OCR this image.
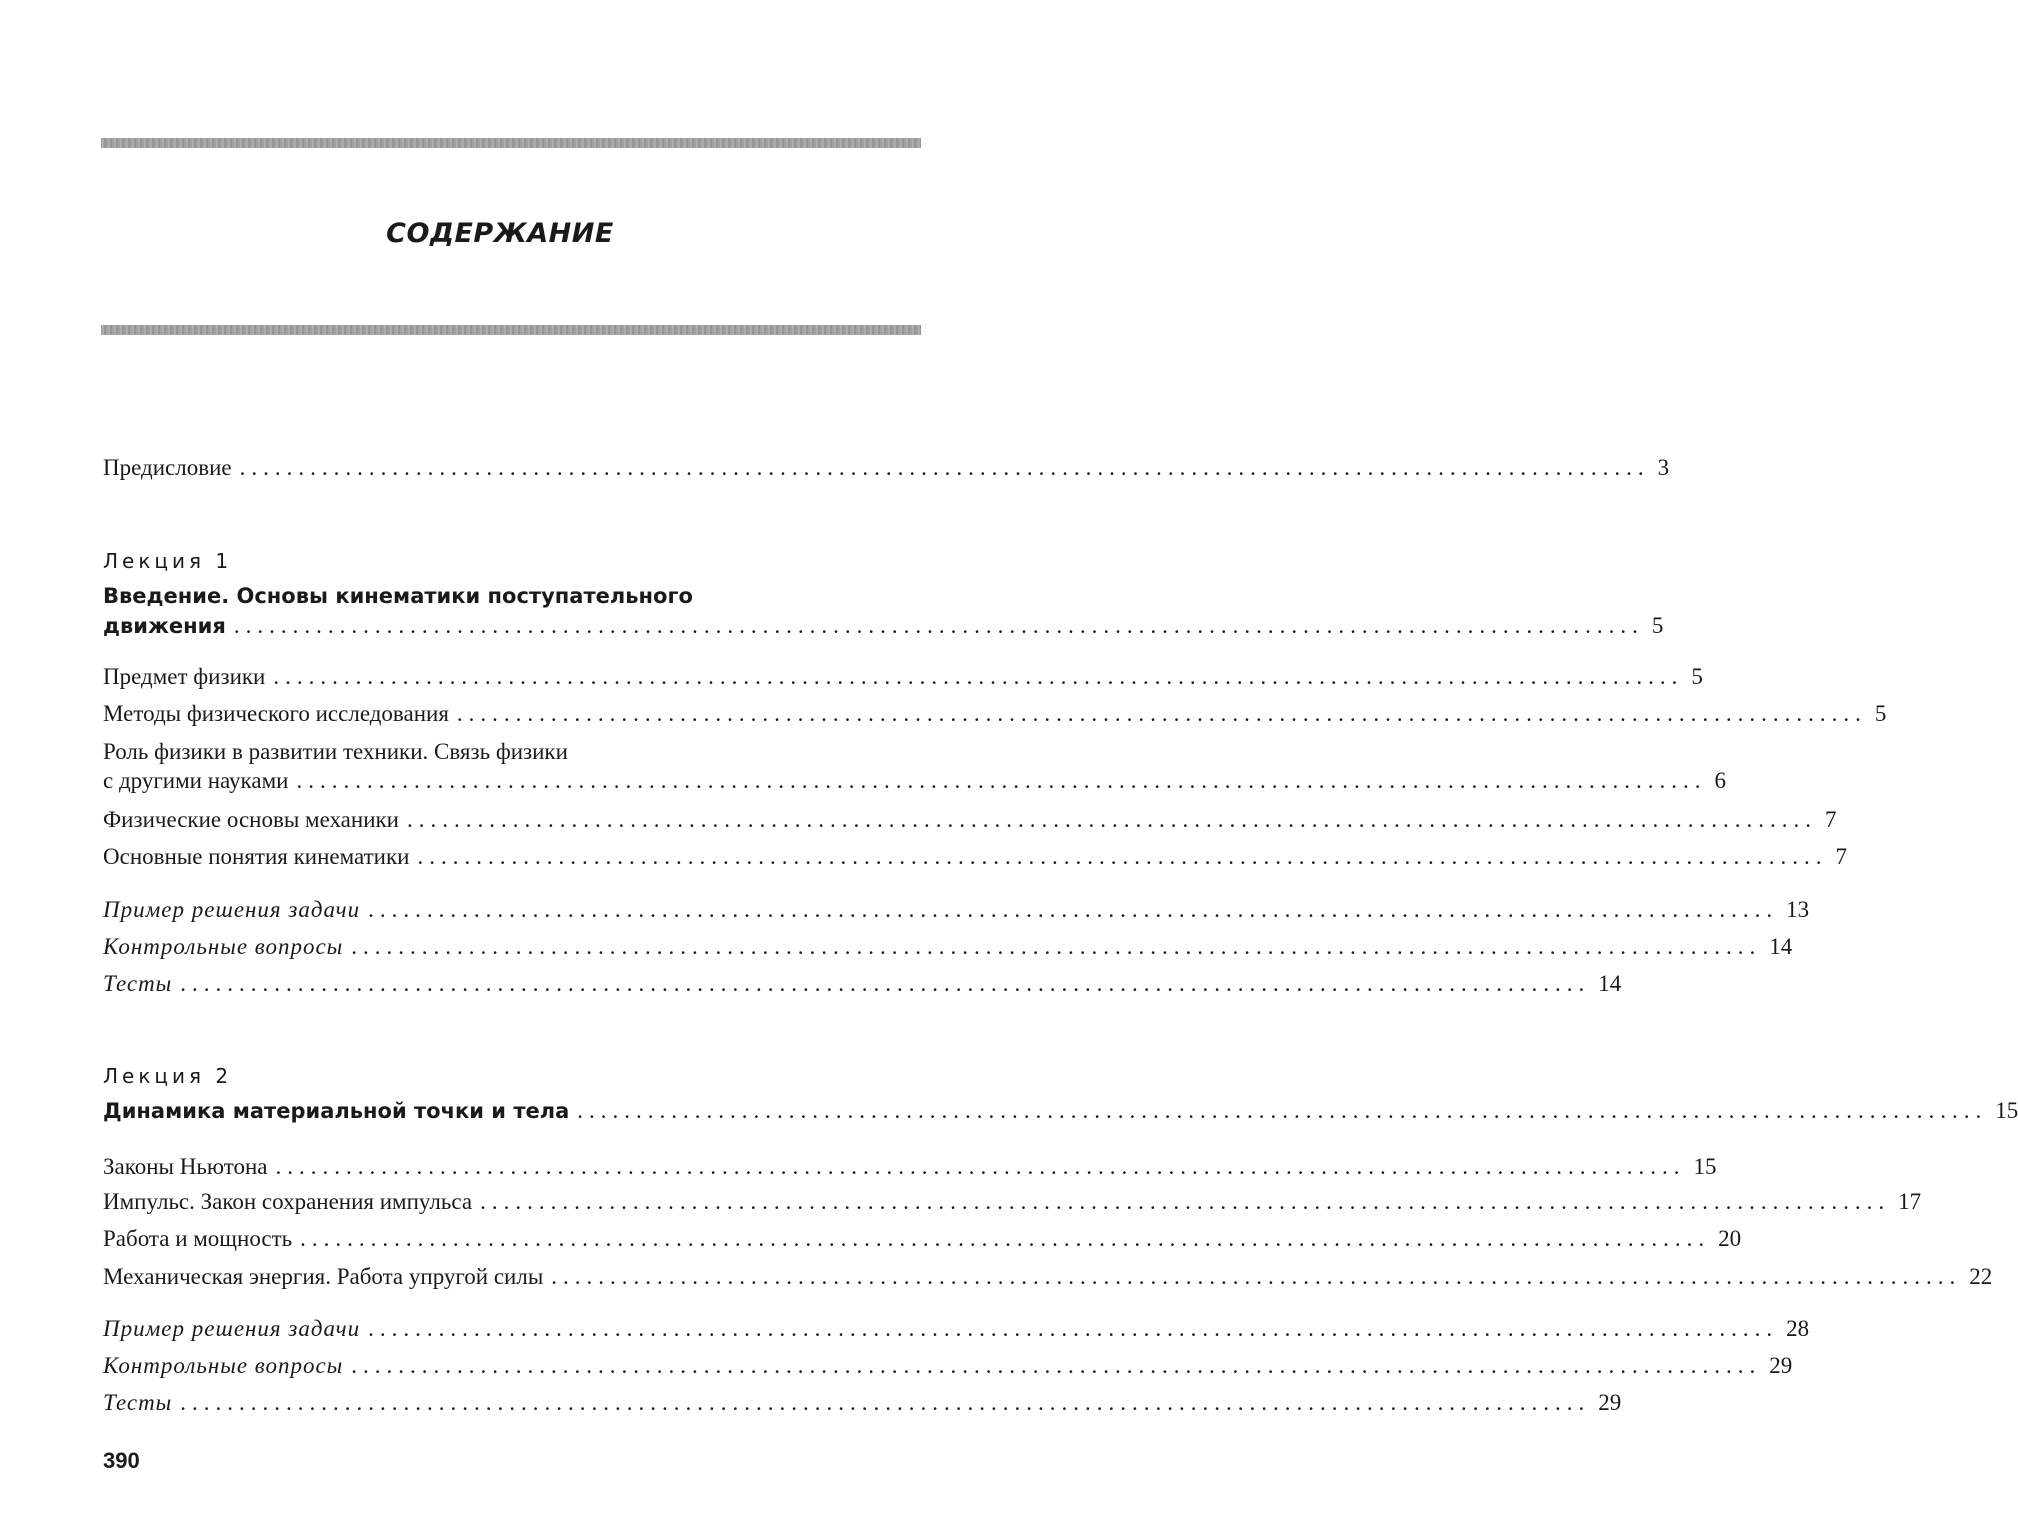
СОДЕРЖАНИЕ
Предисловие ........................................................................................................................ 3
Лекция 1
Введение. Основы кинематики поступательного
движения ........................................................................................................................ 5
Предмет физики ........................................................................................................................ 5
Методы физического исследования ........................................................................................................................ 5
Роль физики в развитии техники. Связь физики
с другими науками ........................................................................................................................ 6
Физические основы механики ........................................................................................................................ 7
Основные понятия кинематики ........................................................................................................................ 7
Пример решения задачи ........................................................................................................................ 13
Контрольные вопросы ........................................................................................................................ 14
Тесты ........................................................................................................................ 14
Лекция 2
Динамика материальной точки и тела ........................................................................................................................ 15
Законы Ньютона ........................................................................................................................ 15
Импульс. Закон сохранения импульса ........................................................................................................................ 17
Работа и мощность ........................................................................................................................ 20
Механическая энергия. Работа упругой силы ........................................................................................................................ 22
Пример решения задачи ........................................................................................................................ 28
Контрольные вопросы ........................................................................................................................ 29
Тесты ........................................................................................................................ 29
390
